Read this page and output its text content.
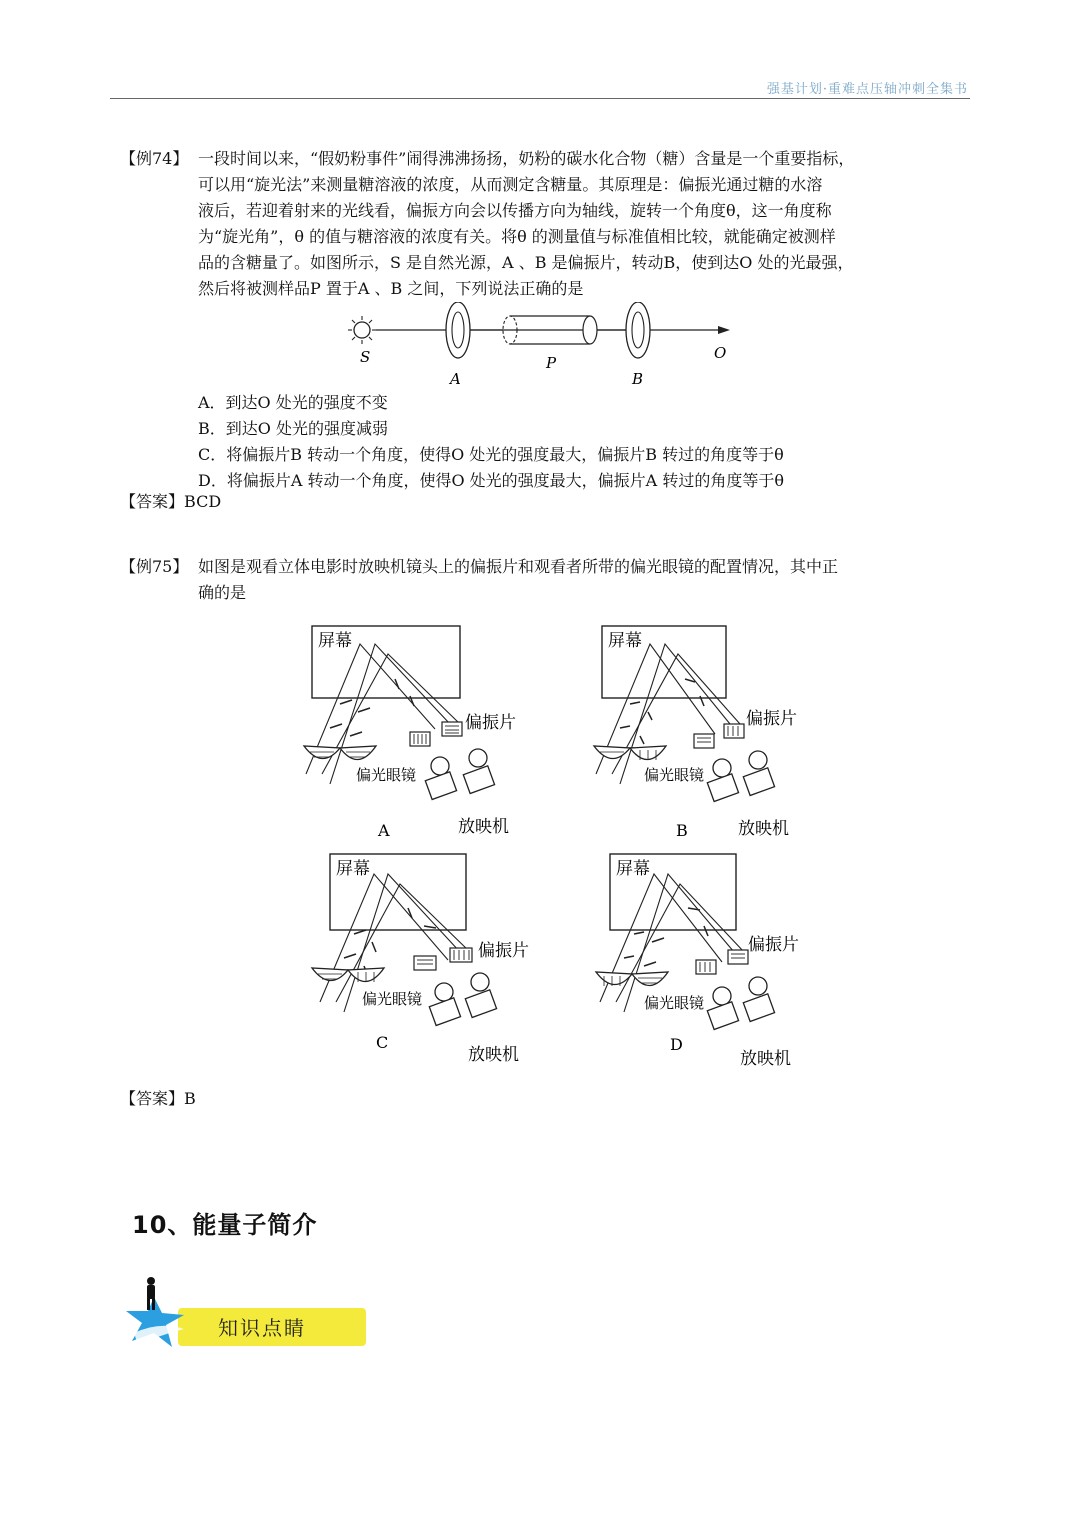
强基计划·重难点压轴冲刺全集书
【例74】 一段时间以来，“假奶粉事件”闹得沸沸扬扬，奶粉的碳水化合物（糖）含量是一个重要指标，

可以用“旋光法”来测量糖溶液的浓度，从而测定含糖量。其原理是：偏振光通过糖的水溶

液后，若迎着射来的光线看，偏振方向会以传播方向为轴线，旋转一个角度θ，这一角度称

为“旋光角”，θ 的值与糖溶液的浓度有关。将θ 的测量值与标准值相比较，就能确定被测样

品的含糖量了。如图所示，S 是自然光源，A 、B 是偏振片，转动B，使到达O 处的光最强，

然后将被测样品P 置于A 、B 之间，下列说法正确的是

S
A
P
B
O

A．到达O 处光的强度不变

B．到达O 处光的强度减弱

C．将偏振片B 转动一个角度，使得O 处光的强度最大，偏振片B 转过的角度等于θ

D．将偏振片A 转动一个角度，使得O 处光的强度最大，偏振片A 转过的角度等于θ

【答案】BCD
【例75】 如图是观看立体电影时放映机镜头上的偏振片和观看者所带的偏光眼镜的配置情况，其中正

确的是

屏幕
偏振片
偏光眼镜
A	放映机
屏幕
偏振片
偏光眼镜
B	放映机
屏幕
偏振片
偏光眼镜
C
放映机
屏幕
偏振片
偏光眼镜
D
放映机
【答案】B
10、能量子简介
知识点睛
